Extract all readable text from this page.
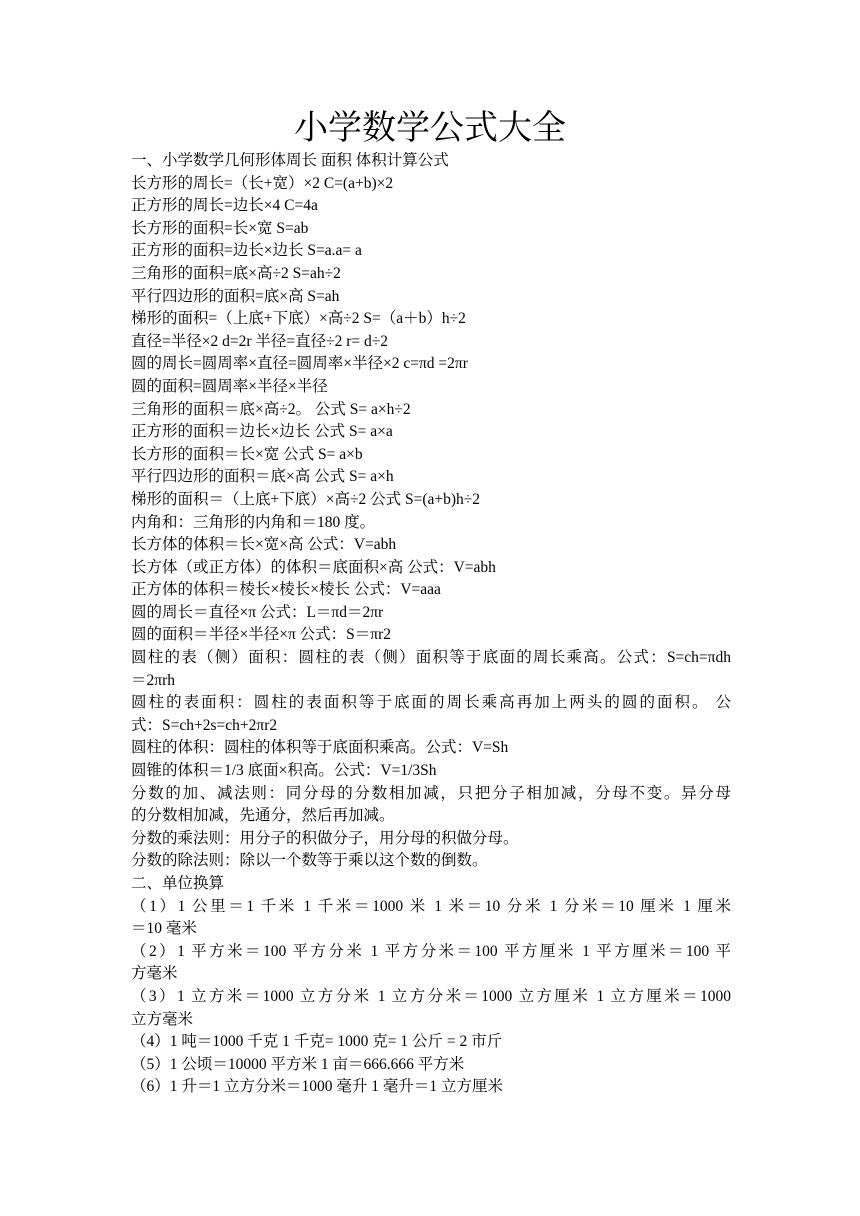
小学数学公式大全
一、小学数学几何形体周长 面积 体积计算公式
长方形的周长=（长+宽）×2 C=(a+b)×2
正方形的周长=边长×4 C=4a
长方形的面积=长×宽 S=ab
正方形的面积=边长×边长 S=a.a= a
三角形的面积=底×高÷2 S=ah÷2
平行四边形的面积=底×高 S=ah
梯形的面积=（上底+下底）×高÷2 S=（a＋b）h÷2
直径=半径×2 d=2r 半径=直径÷2 r= d÷2
圆的周长=圆周率×直径=圆周率×半径×2 c=πd =2πr
圆的面积=圆周率×半径×半径
三角形的面积＝底×高÷2。 公式 S= a×h÷2
正方形的面积＝边长×边长 公式 S= a×a
长方形的面积＝长×宽 公式 S= a×b
平行四边形的面积＝底×高 公式 S= a×h
梯形的面积＝（上底+下底）×高÷2 公式 S=(a+b)h÷2
内角和：三角形的内角和＝180 度。
长方体的体积＝长×宽×高 公式：V=abh
长方体（或正方体）的体积＝底面积×高 公式：V=abh
正方体的体积＝棱长×棱长×棱长 公式：V=aaa
圆的周长＝直径×π 公式：L＝πd＝2πr
圆的面积＝半径×半径×π 公式：S＝πr2
圆柱的表（侧）面积：圆柱的表（侧）面积等于底面的周长乘高。公式：S=ch=πdh
＝2πrh
圆柱的表面积：圆柱的表面积等于底面的周长乘高再加上两头的圆的面积。 公
式：S=ch+2s=ch+2πr2
圆柱的体积：圆柱的体积等于底面积乘高。公式：V=Sh
圆锥的体积＝1/3 底面×积高。公式：V=1/3Sh
分数的加、减法则：同分母的分数相加减，只把分子相加减，分母不变。异分母
的分数相加减，先通分，然后再加减。
分数的乘法则：用分子的积做分子，用分母的积做分母。
分数的除法则：除以一个数等于乘以这个数的倒数。
二、单位换算
（1）1 公里＝1 千米 1 千米＝1000 米 1 米＝10 分米 1 分米＝10 厘米 1 厘米
＝10 毫米
（2）1 平方米＝100 平方分米 1 平方分米＝100 平方厘米 1 平方厘米＝100 平
方毫米
（3）1 立方米＝1000 立方分米 1 立方分米＝1000 立方厘米 1 立方厘米＝1000
立方毫米
（4）1 吨＝1000 千克 1 千克= 1000 克= 1 公斤 = 2 市斤
（5）1 公顷＝10000 平方米 1 亩＝666.666 平方米
（6）1 升＝1 立方分米＝1000 毫升 1 毫升＝1 立方厘米
